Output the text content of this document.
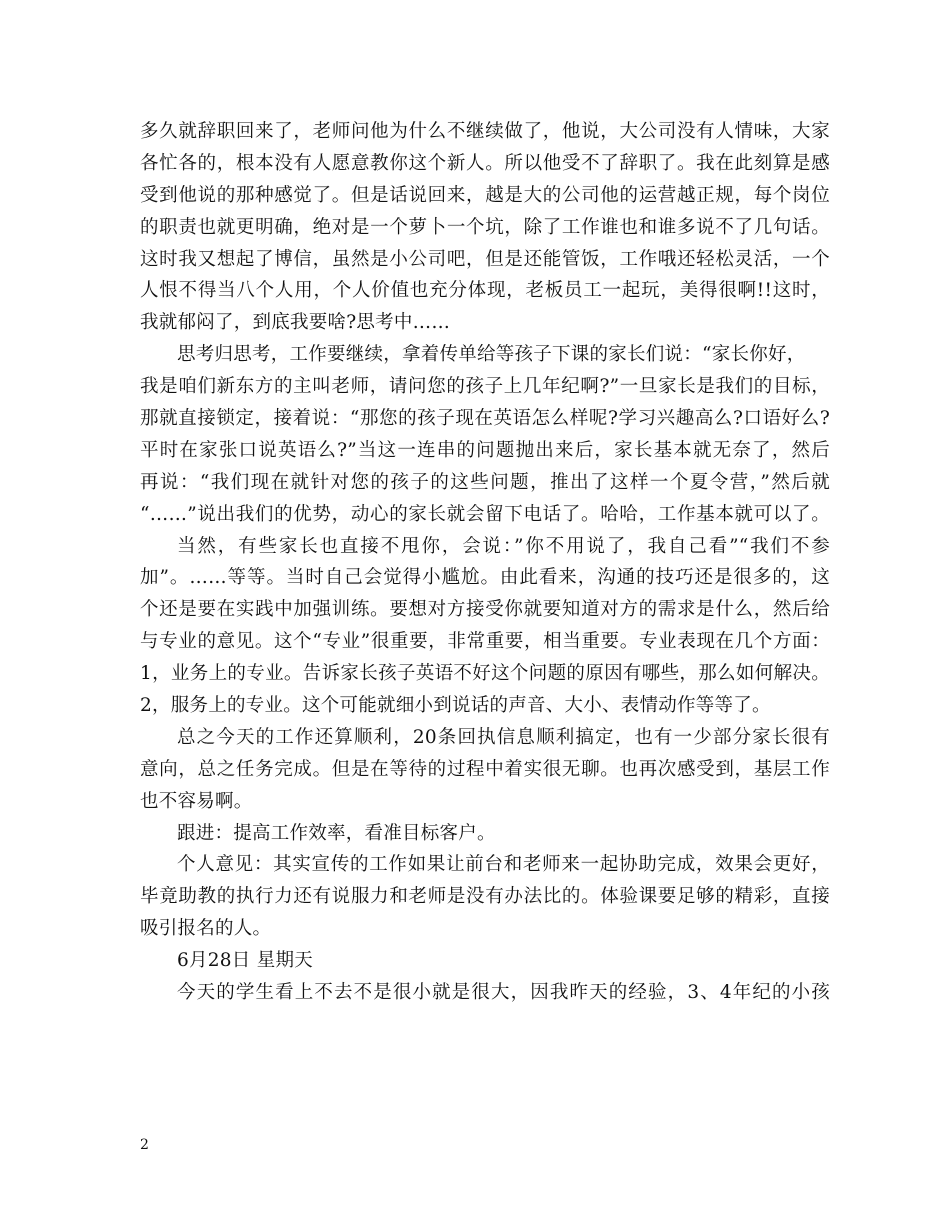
多久就辞职回来了，老师问他为什么不继续做了，他说，大公司没有人情味，大家
各忙各的，根本没有人愿意教你这个新人。所以他受不了辞职了。我在此刻算是感
受到他说的那种感觉了。但是话说回来，越是大的公司他的运营越正规，每个岗位
的职责也就更明确，绝对是一个萝卜一个坑，除了工作谁也和谁多说不了几句话。
这时我又想起了博信，虽然是小公司吧，但是还能管饭，工作哦还轻松灵活，一个
人恨不得当八个人用，个人价值也充分体现，老板员工一起玩，美得很啊!!这时，
我就郁闷了，到底我要啥?思考中……
思考归思考，工作要继续，拿着传单给等孩子下课的家长们说：“家长你好，
我是咱们新东方的主叫老师，请问您的孩子上几年纪啊?”一旦家长是我们的目标，
那就直接锁定，接着说：“那您的孩子现在英语怎么样呢?学习兴趣高么?口语好么?
平时在家张口说英语么?”当这一连串的问题抛出来后，家长基本就无奈了，然后
再说：“我们现在就针对您的孩子的这些问题，推出了这样一个夏令营，”然后就
“……”说出我们的优势，动心的家长就会留下电话了。哈哈，工作基本就可以了。
当然，有些家长也直接不甩你，会说：”你不用说了，我自己看”“我们不参
加”。……等等。当时自己会觉得小尴尬。由此看来，沟通的技巧还是很多的，这
个还是要在实践中加强训练。要想对方接受你就要知道对方的需求是什么，然后给
与专业的意见。这个“专业”很重要，非常重要，相当重要。专业表现在几个方面：
1，业务上的专业。告诉家长孩子英语不好这个问题的原因有哪些，那么如何解决。
2，服务上的专业。这个可能就细小到说话的声音、大小、表情动作等等了。
总之今天的工作还算顺利，20条回执信息顺利搞定，也有一少部分家长很有
意向，总之任务完成。但是在等待的过程中着实很无聊。也再次感受到，基层工作
也不容易啊。
跟进：提高工作效率，看准目标客户。
个人意见：其实宣传的工作如果让前台和老师来一起协助完成，效果会更好，
毕竟助教的执行力还有说服力和老师是没有办法比的。体验课要足够的精彩，直接
吸引报名的人。
6月28日 星期天
今天的学生看上不去不是很小就是很大，因我昨天的经验，3、4年纪的小孩
2
